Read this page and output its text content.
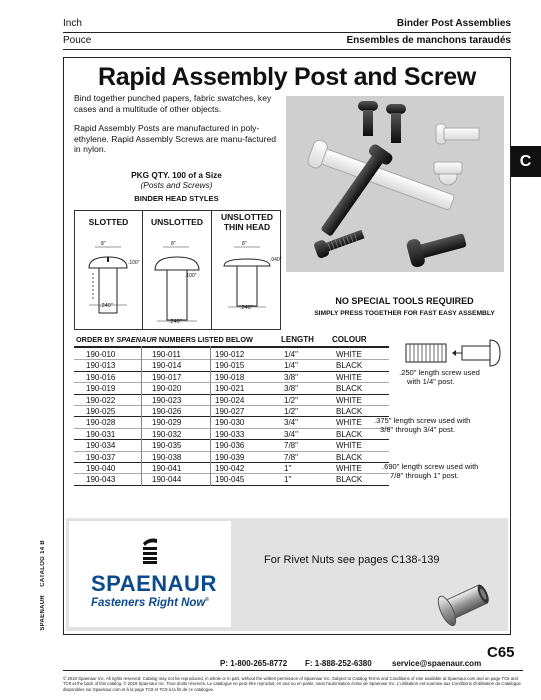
Inch	Binder Post Assemblies
Pouce	Ensembles de manchons taraudés
C
CATALOG 14 B
SPAENAUR
Rapid Assembly Post and Screw

Bind together punched papers, fabric swatches, key cases and a multitude of other objects.

Rapid Assembly Posts are manufactured in poly-ethylene. Rapid Assembly Screws are manu-factured in nylon.

PKG QTY. 100 of a Size
(Posts and Screws)
BINDER HEAD STYLES
SLOTTED
8"
.100"
.240"
UNSLOTTED
8"
.100"
.240"
UNSLOTTED
THIN HEAD
8"
.040"
.240"
ORDER BY SPAENAUR NUMBERS LISTED BELOW	LENGTH COLOUR
190-010	190-011	190-012	1/4"	WHITE
190-013	190-014	190-015	1/4"	BLACK
190-016	190-017	190-018	3/8"	WHITE
190-019	190-020	190-021	3/8"	BLACK
190-022	190-023	190-024	1/2"	WHITE
190-025	190-026	190-027	1/2"	BLACK
190-028	190-029	190-030	3/4"	WHITE
190-031	190-032	190-033	3/4"	BLACK
190-034	190-035	190-036	7/8"	WHITE
190-037	190-038	190-039	7/8"	BLACK
190-040	190-041	190-042	1"	WHITE
190-043	190-044	190-045	1"	BLACK
NO SPECIAL TOOLS REQUIRED
SIMPLY PRESS TOGETHER FOR FAST EASY ASSEMBLY
.250" length screw used
with 1/4" post.
.375" length screw used with
3/8" through 3/4" post.
.690" length screw used with
7/8" through 1" post.
SPAENAUR
Fasteners Right Now®
For Rivet Nuts see pages C138-139
C65
P: 1-800-265-8772 F: 1-888-252-6380	service@spaenaur.com
© 2018 Spaenaur Inc. All rights reserved. Catalog may not be reproduced, in whole or in part, without the written permission of Spaenaur Inc. Subject to Catalog Terms and Conditions of Use available at Spaenaur.com and on page TC8 and TC9 at the back of this catalog. © 2018 Spaenaur Inc. Tous droits réservés. Le catalogue ne peut être reproduit, en tout ou en partie, sans l'autorisation écrite de Spaenaur Inc. L'utilisation est soumise aux Conditions d'utilisation du Catalogue disponibles sur Spaenaur.com et à la page TC8 et TC9 à la fin de ce catalogue.
